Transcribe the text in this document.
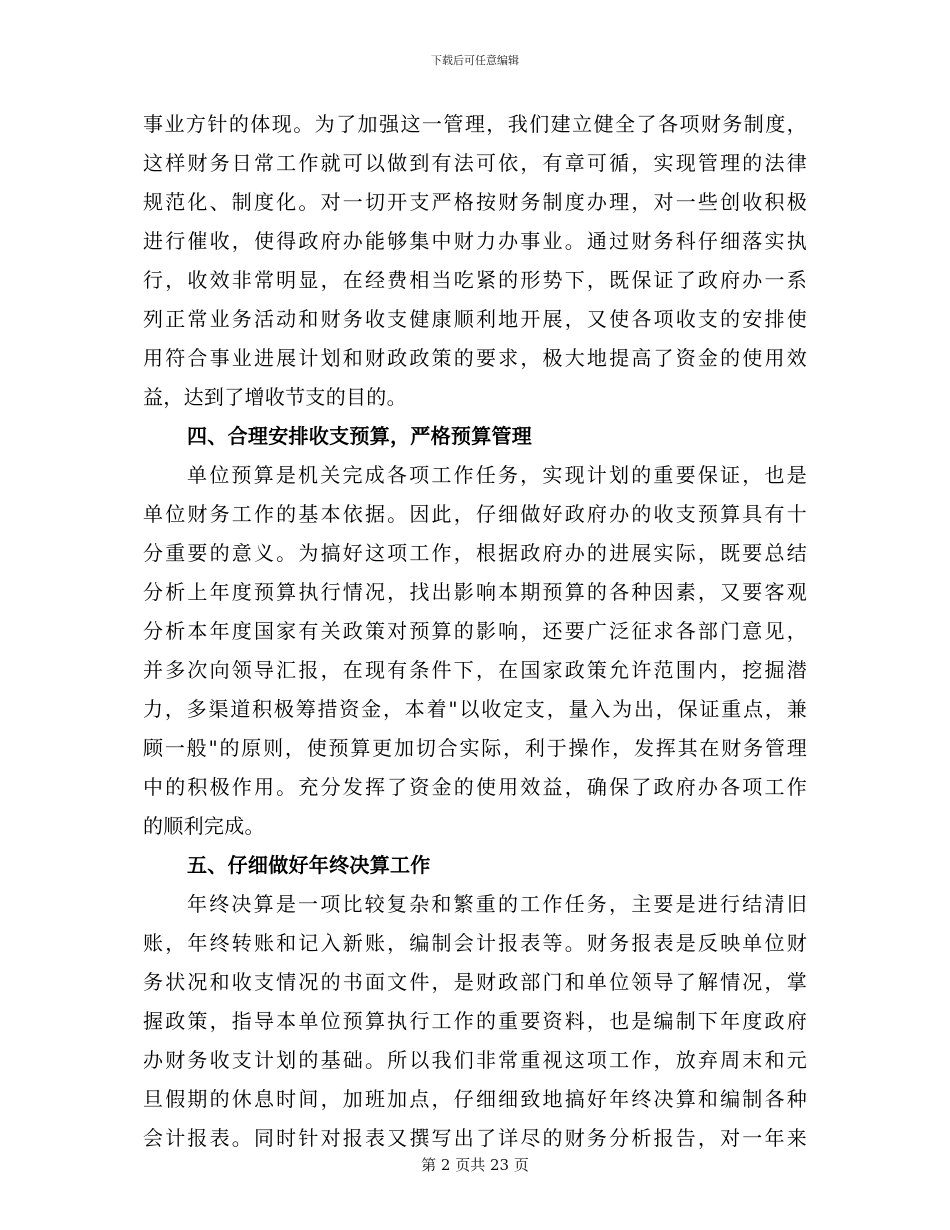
下载后可任意编辑
事业方针的体现。为了加强这一管理，我们建立健全了各项财务制度，
这样财务日常工作就可以做到有法可依，有章可循，实现管理的法律
规范化、制度化。对一切开支严格按财务制度办理，对一些创收积极
进行催收，使得政府办能够集中财力办事业。通过财务科仔细落实执
行，收效非常明显，在经费相当吃紧的形势下，既保证了政府办一系
列正常业务活动和财务收支健康顺利地开展，又使各项收支的安排使
用符合事业进展计划和财政政策的要求，极大地提高了资金的使用效
益，达到了增收节支的目的。
四、合理安排收支预算，严格预算管理
单位预算是机关完成各项工作任务，实现计划的重要保证，也是
单位财务工作的基本依据。因此，仔细做好政府办的收支预算具有十
分重要的意义。为搞好这项工作，根据政府办的进展实际，既要总结
分析上年度预算执行情况，找出影响本期预算的各种因素，又要客观
分析本年度国家有关政策对预算的影响，还要广泛征求各部门意见，
并多次向领导汇报，在现有条件下，在国家政策允许范围内，挖掘潜
力，多渠道积极筹措资金，本着"以收定支，量入为出，保证重点，兼
顾一般"的原则，使预算更加切合实际，利于操作，发挥其在财务管理
中的积极作用。充分发挥了资金的使用效益，确保了政府办各项工作
的顺利完成。
五、仔细做好年终决算工作
年终决算是一项比较复杂和繁重的工作任务，主要是进行结清旧
账，年终转账和记入新账，编制会计报表等。财务报表是反映单位财
务状况和收支情况的书面文件，是财政部门和单位领导了解情况，掌
握政策，指导本单位预算执行工作的重要资料，也是编制下年度政府
办财务收支计划的基础。所以我们非常重视这项工作，放弃周末和元
旦假期的休息时间，加班加点，仔细细致地搞好年终决算和编制各种
会计报表。同时针对报表又撰写出了详尽的财务分析报告，对一年来
第 2 页共 23 页
